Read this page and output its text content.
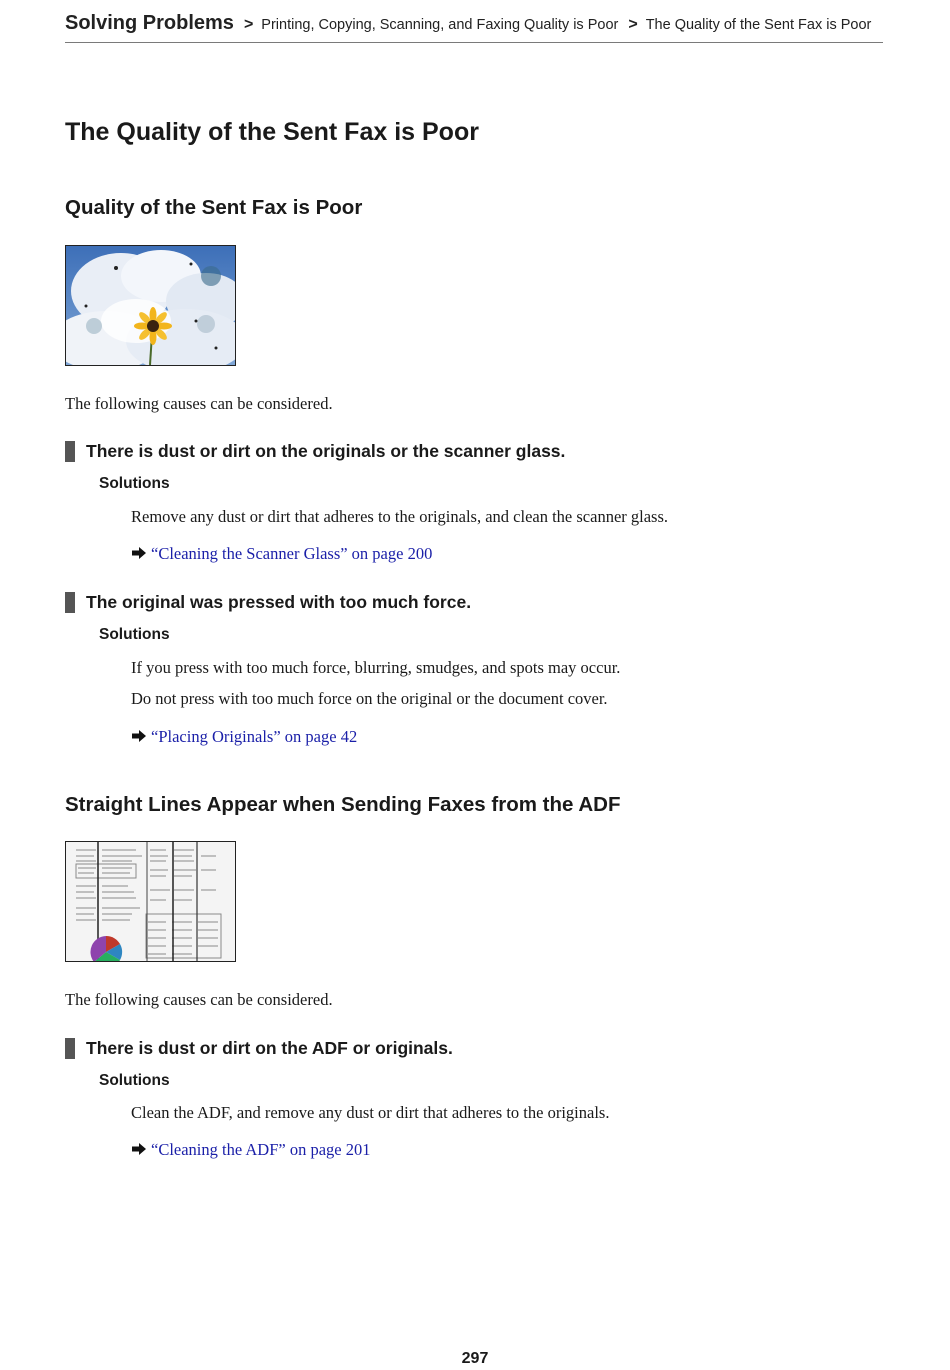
Solving Problems > Printing, Copying, Scanning, and Faxing Quality is Poor > The Quality of the Sent Fax is Poor
The Quality of the Sent Fax is Poor
Quality of the Sent Fax is Poor

The following causes can be considered.

There is dust or dirt on the originals or the scanner glass.
Solutions
Remove any dust or dirt that adheres to the originals, and clean the scanner glass.
“Cleaning the Scanner Glass” on page 200
The original was pressed with too much force.
Solutions
If you press with too much force, blurring, smudges, and spots may occur.
Do not press with too much force on the original or the document cover.
“Placing Originals” on page 42
Straight Lines Appear when Sending Faxes from the ADF

The following causes can be considered.

There is dust or dirt on the ADF or originals.
Solutions
Clean the ADF, and remove any dust or dirt that adheres to the originals.
“Cleaning the ADF” on page 201
297
